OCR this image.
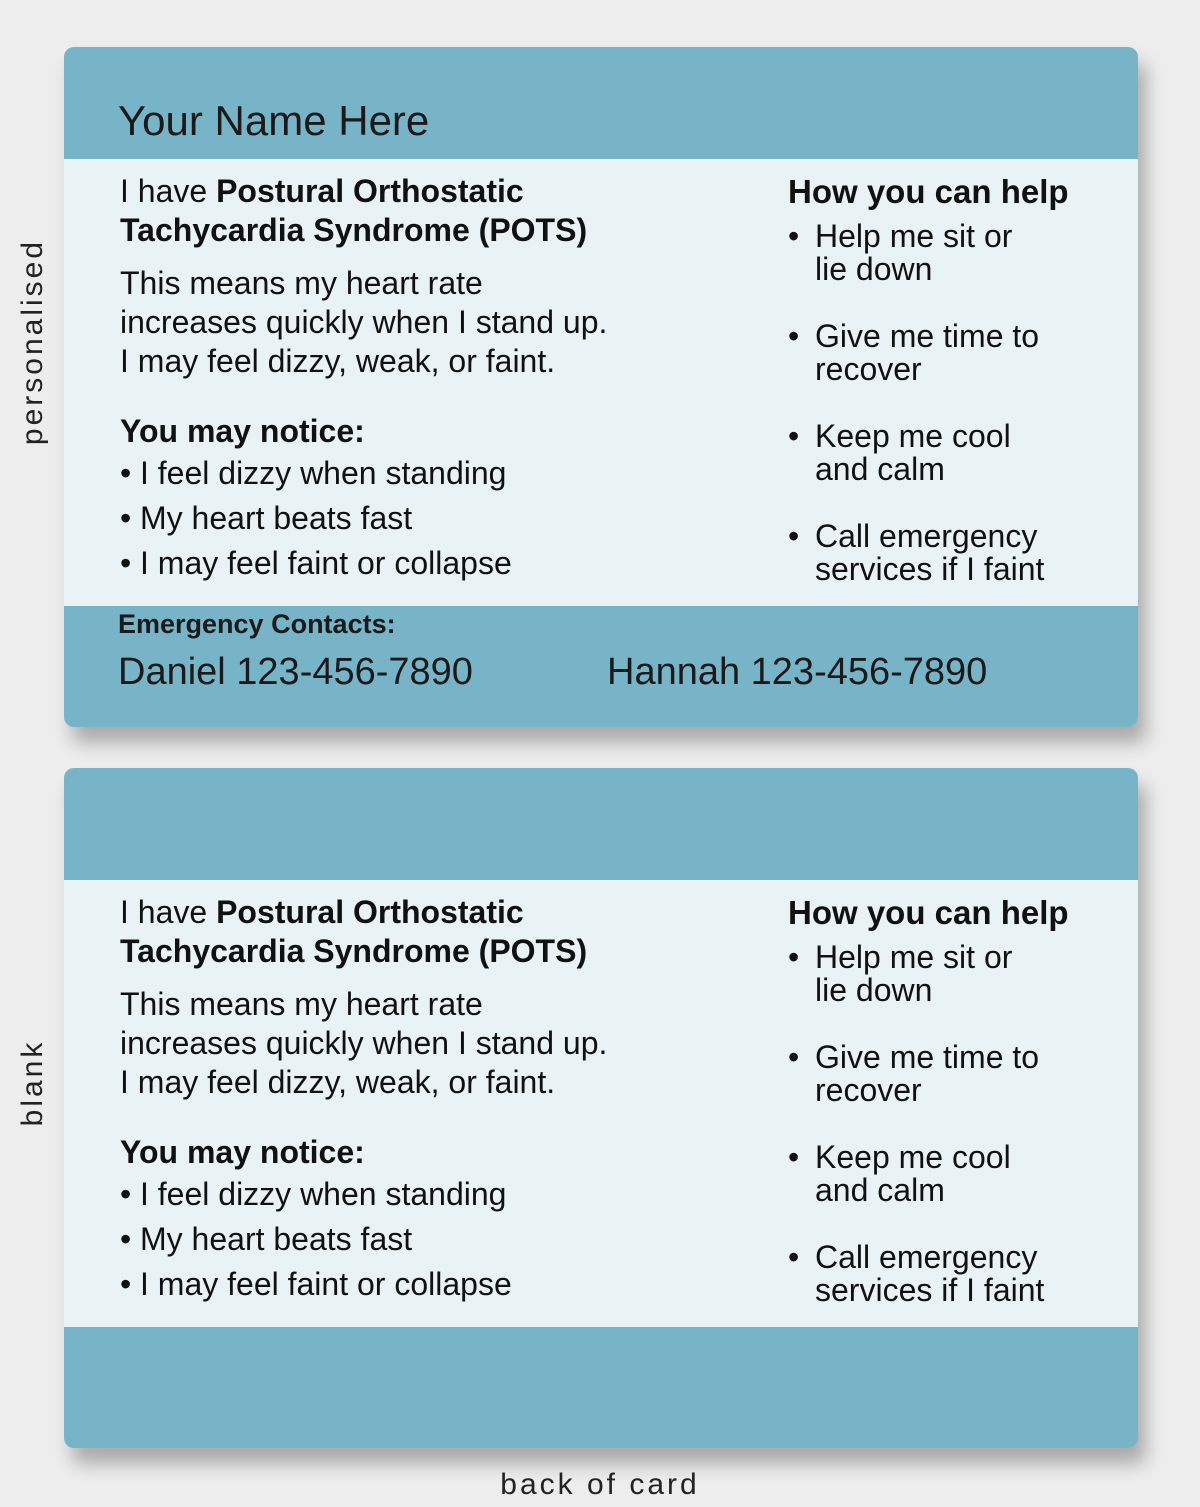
personalised
blank
Your Name Here

I have Postural Orthostatic
Tachycardia Syndrome (POTS)

This means my heart rate
increases quickly when I stand up.
I may feel dizzy, weak, or faint.

You may notice:

• I feel dizzy when standing
• My heart beats fast
• I may feel faint or collapse

How you can help

• Help me sit or
lie down
• Give me time to
recover
• Keep me cool
and calm
• Call emergency
services if I faint
Emergency Contacts:
Daniel 123-456-7890	Hannah 123-456-7890

I have Postural Orthostatic
Tachycardia Syndrome (POTS)

This means my heart rate
increases quickly when I stand up.
I may feel dizzy, weak, or faint.

You may notice:

• I feel dizzy when standing
• My heart beats fast
• I may feel faint or collapse

How you can help

• Help me sit or
lie down
• Give me time to
recover
• Keep me cool
and calm
• Call emergency
services if I faint
back of card
